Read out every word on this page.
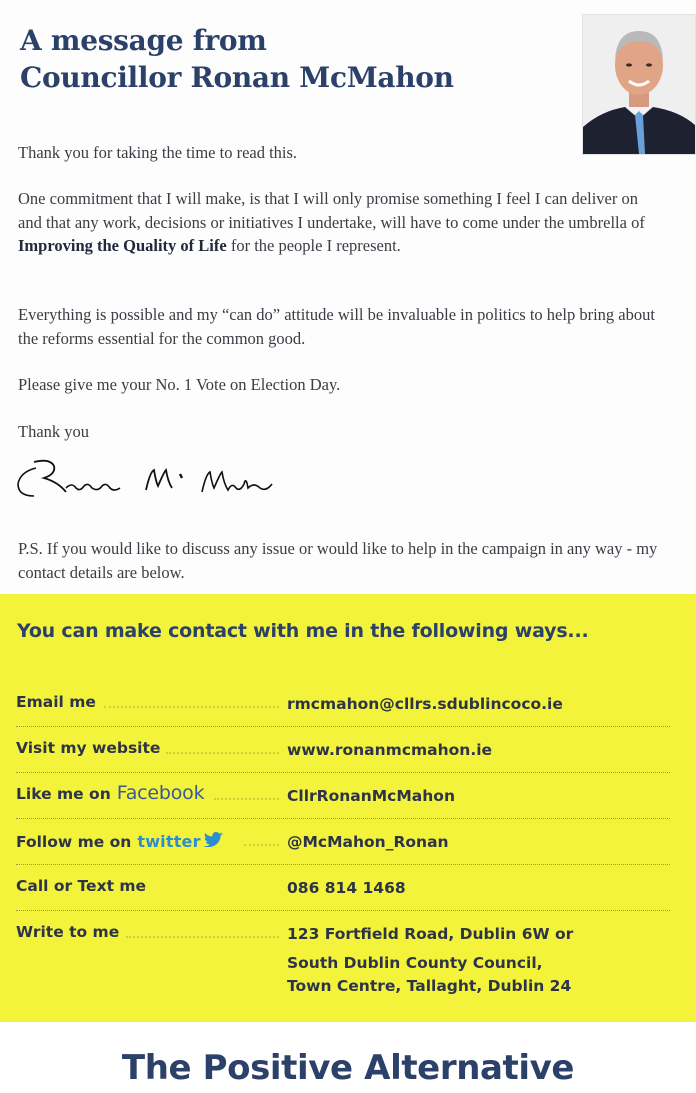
A message from
Councillor Ronan McMahon

Thank you for taking the time to read this.

One commitment that I will make, is that I will only promise something I feel I can deliver on and that any work, decisions or initiatives I undertake, will have to come under the umbrella of Improving the Quality of Life for the people I represent.

Everything is possible and my “can do” attitude will be invaluable in politics to help bring about the reforms essential for the common good.

Please give me your No. 1 Vote on Election Day.

Thank you

P.S. If you would like to discuss any issue or would like to help in the campaign in any way - my contact details are below.

You can make contact with me in the following ways...
Email me	rmcmahon@cllrs.sdublincoco.ie
Visit my website	www.ronanmcmahon.ie
Like me on Facebook	CllrRonanMcMahon
Follow me on twitter	@McMahon_Ronan
Call or Text me	086 814 1468
Write to me	123 Fortfield Road, Dublin 6W or
South Dublin County Council,
Town Centre, Tallaght, Dublin 24
The Positive Alternative
